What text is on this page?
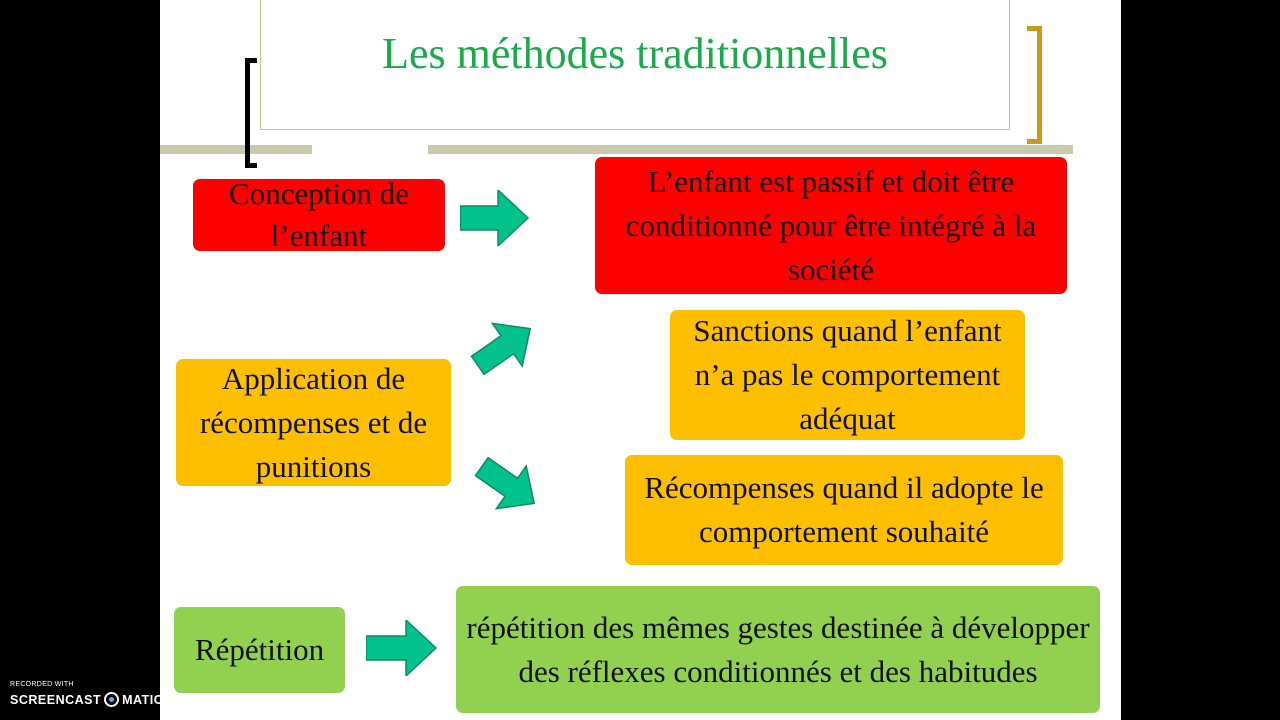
Les méthodes traditionnelles
Conception de l’enfant
L’enfant est passif et doit être conditionné pour être intégré à la société
Application de récompenses et de punitions
Sanctions quand l’enfant n’a pas le comportement adéquat
Récompenses quand il adopte le comportement souhaité
Répétition
répétition des mêmes gestes destinée à développer des réflexes conditionnés et des habitudes
RECORDED WITH
SCREENCAST MATIC
